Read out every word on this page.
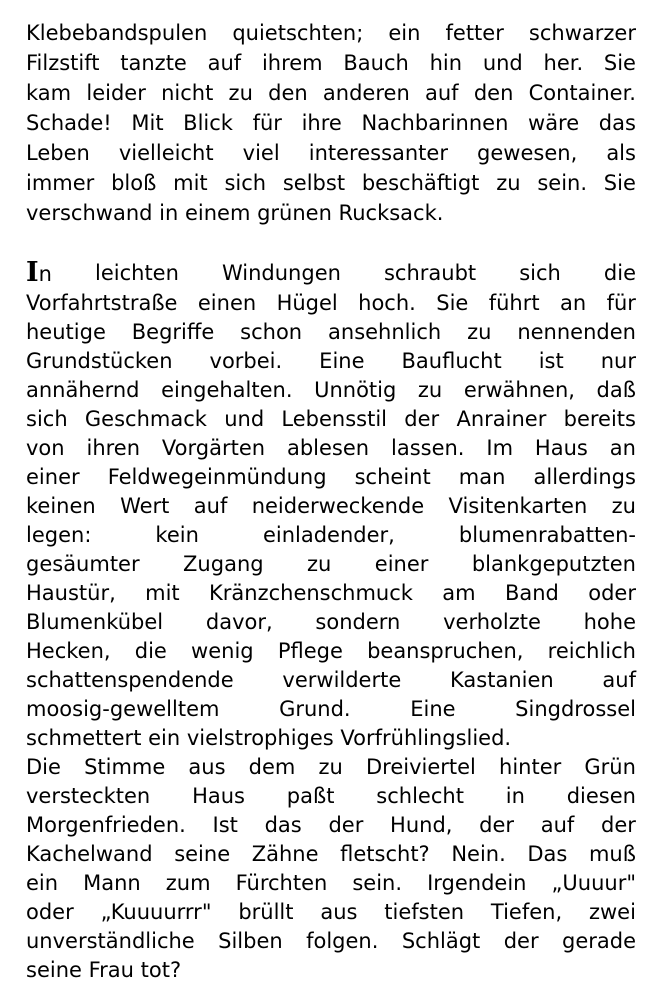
Klebebandspulen quietschten; ein fetter schwarzer

Filzstift tanzte auf ihrem Bauch hin und her. Sie

kam leider nicht zu den anderen auf den Container.

Schade! Mit Blick für ihre Nachbarinnen wäre das

Leben vielleicht viel interessanter gewesen, als

immer bloß mit sich selbst beschäftigt zu sein. Sie

verschwand in einem grünen Rucksack.

In leichten Windungen schraubt sich die

Vorfahrtstraße einen Hügel hoch. Sie führt an für

heutige Begriffe schon ansehnlich zu nennenden

Grundstücken vorbei. Eine Bauflucht ist nur

annähernd eingehalten. Unnötig zu erwähnen, daß

sich Geschmack und Lebensstil der Anrainer bereits

von ihren Vorgärten ablesen lassen. Im Haus an

einer Feldwegeinmündung scheint man allerdings

keinen Wert auf neiderweckende Visitenkarten zu

legen:	kein	einladender,	blumenrabatten-

gesäumter Zugang zu einer blankgeputzten

Haustür, mit Kränzchenschmuck am Band oder

Blumenkübel davor, sondern verholzte hohe

Hecken, die wenig Pflege beanspruchen, reichlich

schattenspendende verwilderte Kastanien auf

moosig-gewelltem	Grund.	Eine	Singdrossel

schmettert ein vielstrophiges Vorfrühlingslied.

Die Stimme aus dem zu Dreiviertel hinter Grün

versteckten Haus paßt schlecht in diesen

Morgenfrieden. Ist das der Hund, der auf der

Kachelwand seine Zähne fletscht? Nein. Das muß

ein Mann zum Fürchten sein. Irgendein „Uuuur"

oder „Kuuuurrr" brüllt aus tiefsten Tiefen, zwei

unverständliche Silben folgen. Schlägt der gerade

seine Frau tot?
